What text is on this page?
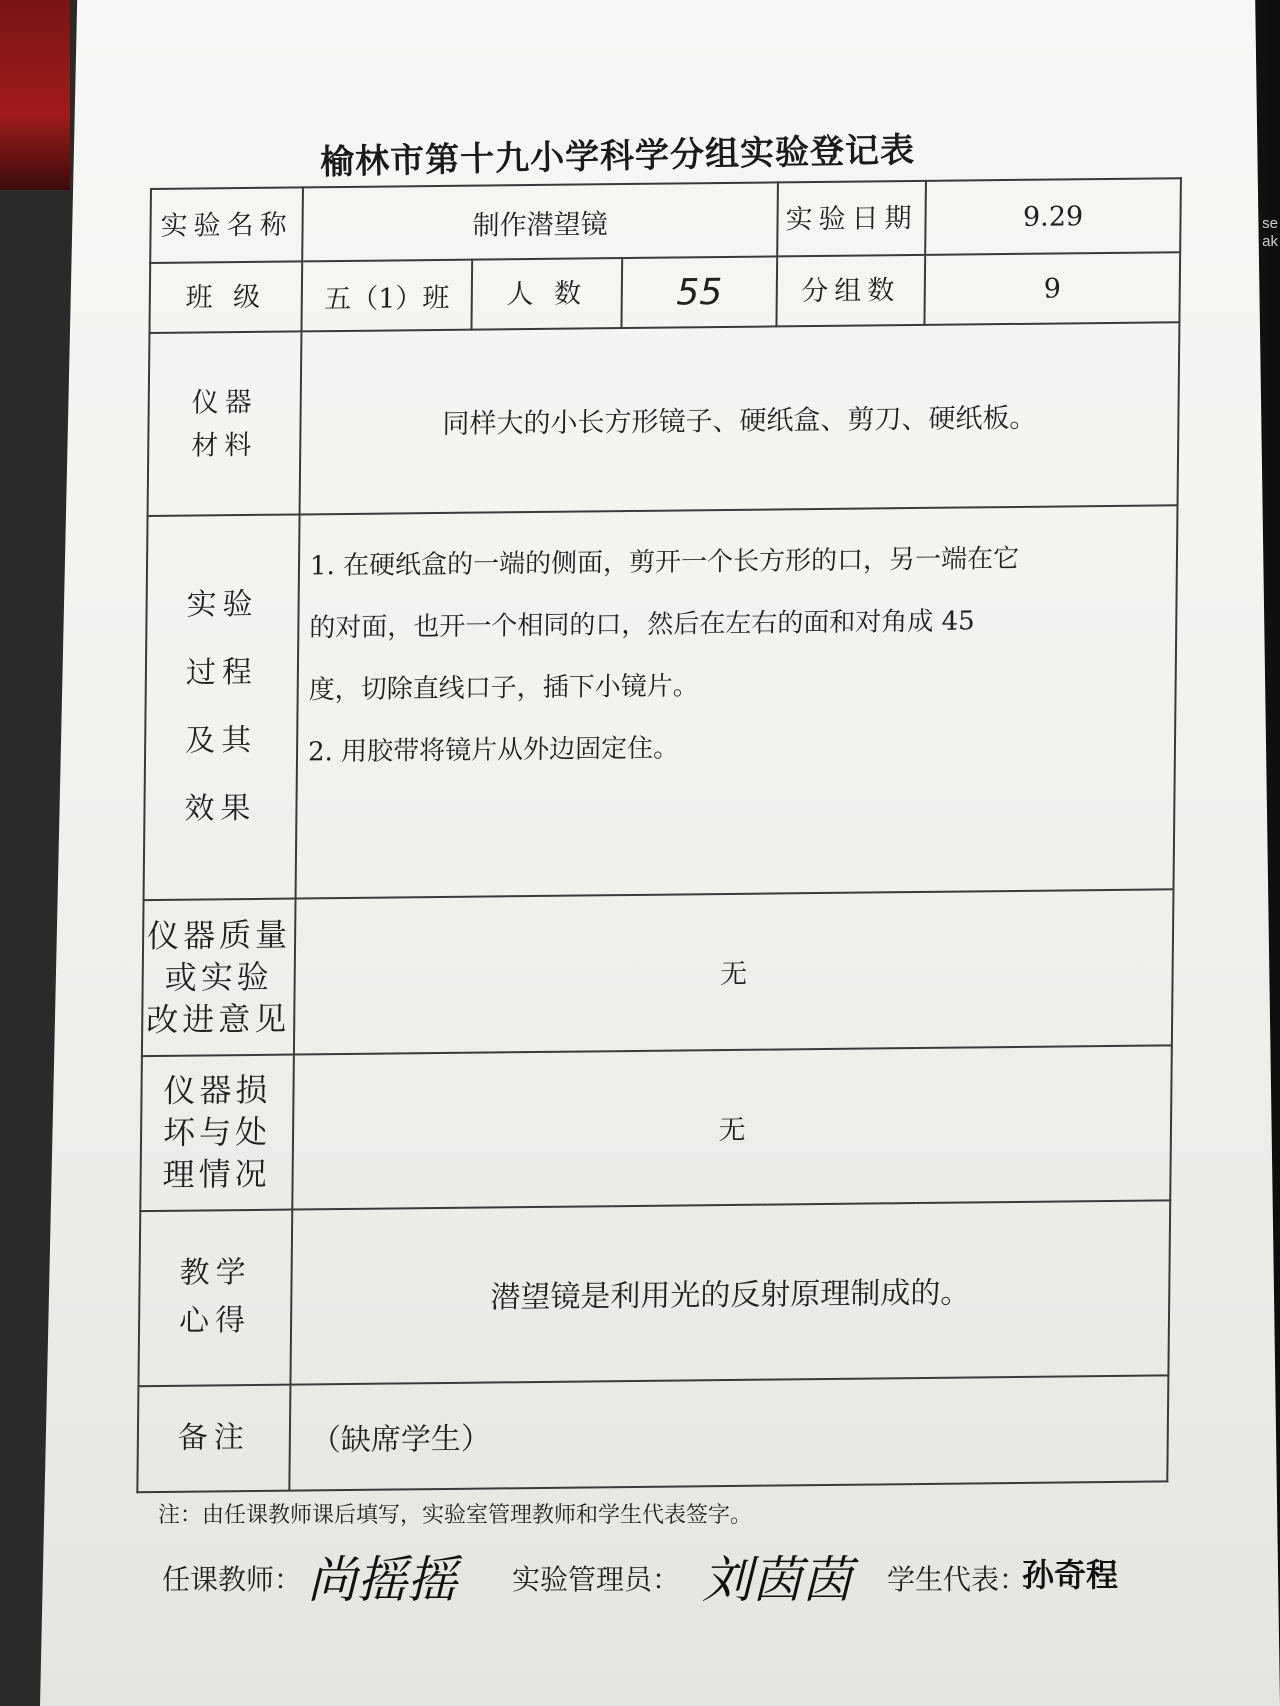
se
ak
榆林市第十九小学科学分组实验登记表
实验名称	制作潜望镜			实验日期	9.29
班 级	五（1）班	人 数	55	分组数	9

仪器
材料	同样大的小长方形镜子、硬纸盒、剪刀、硬纸板。				

实验
过程
及其
效果	1. 在硬纸盒的一端的侧面，剪开一个长方形的口，另一端在它
的对面，也开一个相同的口，然后在左右的面和对角成 45
度，切除直线口子，插下小镜片。
2. 用胶带将镜片从外边固定住。				

仪器质量
或实验
改进意见	无				

仪器损
坏与处
理情况	无				

教学
心得	潜望镜是利用光的反射原理制成的。				
备注	（缺席学生）				
注：由任课教师课后填写，实验室管理教师和学生代表签字。
任课教师： 尚摇摇 实验管理员： 刘茵茵 学生代表：
孙奇程
